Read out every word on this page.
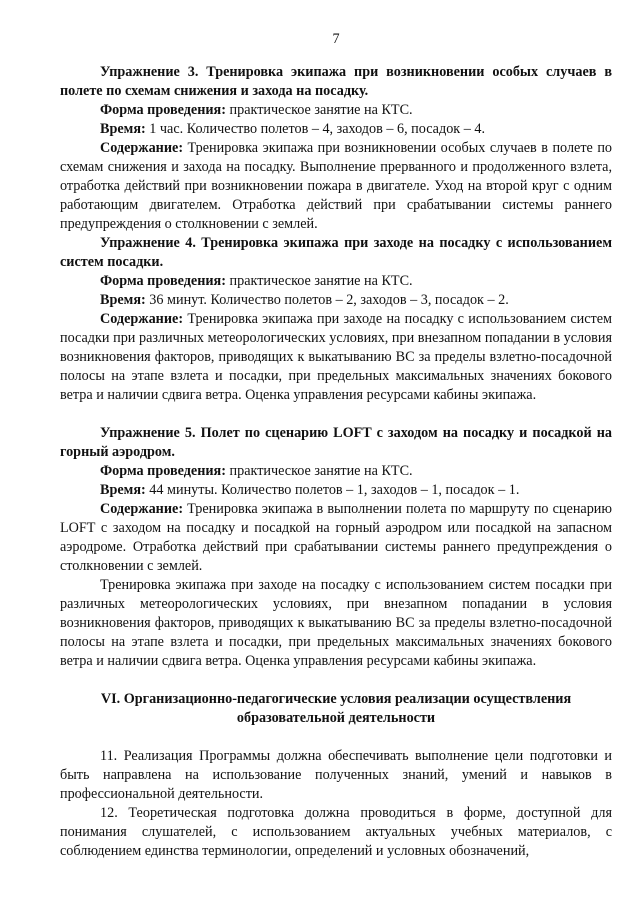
7

Упражнение 3. Тренировка экипажа при возникновении особых случаев в полете по схемам снижения и захода на посадку.

Форма проведения: практическое занятие на КТС.

Время: 1 час. Количество полетов – 4, заходов – 6, посадок – 4.

Содержание: Тренировка экипажа при возникновении особых случаев в полете по схемам снижения и захода на посадку. Выполнение прерванного и продолженного взлета, отработка действий при возникновении пожара в двигателе. Уход на второй круг с одним работающим двигателем. Отработка действий при срабатывании системы раннего предупреждения о столкновении с землей.

Упражнение 4. Тренировка экипажа при заходе на посадку с использованием систем посадки.

Форма проведения: практическое занятие на КТС.

Время: 36 минут. Количество полетов – 2, заходов – 3, посадок – 2.

Содержание: Тренировка экипажа при заходе на посадку с использованием систем посадки при различных метеорологических условиях, при внезапном попадании в условия возникновения факторов, приводящих к выкатыванию ВС за пределы взлетно-посадочной полосы на этапе взлета и посадки, при предельных максимальных значениях бокового ветра и наличии сдвига ветра. Оценка управления ресурсами кабины экипажа.

Упражнение 5. Полет по сценарию LOFT с заходом на посадку и посадкой на горный аэродром.

Форма проведения: практическое занятие на КТС.

Время: 44 минуты. Количество полетов – 1, заходов – 1, посадок – 1.

Содержание: Тренировка экипажа в выполнении полета по маршруту по сценарию LOFT с заходом на посадку и посадкой на горный аэродром или посадкой на запасном аэродроме. Отработка действий при срабатывании системы раннего предупреждения о столкновении с землей.

Тренировка экипажа при заходе на посадку с использованием систем посадки при различных метеорологических условиях, при внезапном попадании в условия возникновения факторов, приводящих к выкатыванию ВС за пределы взлетно-посадочной полосы на этапе взлета и посадки, при предельных максимальных значениях бокового ветра и наличии сдвига ветра. Оценка управления ресурсами кабины экипажа.

VI. Организационно-педагогические условия реализации осуществления

образовательной деятельности

11. Реализация Программы должна обеспечивать выполнение цели подготовки и быть направлена на использование полученных знаний, умений и навыков в профессиональной деятельности.

12. Теоретическая подготовка должна проводиться в форме, доступной для понимания слушателей, с использованием актуальных учебных материалов, с соблюдением единства терминологии, определений и условных обозначений,
